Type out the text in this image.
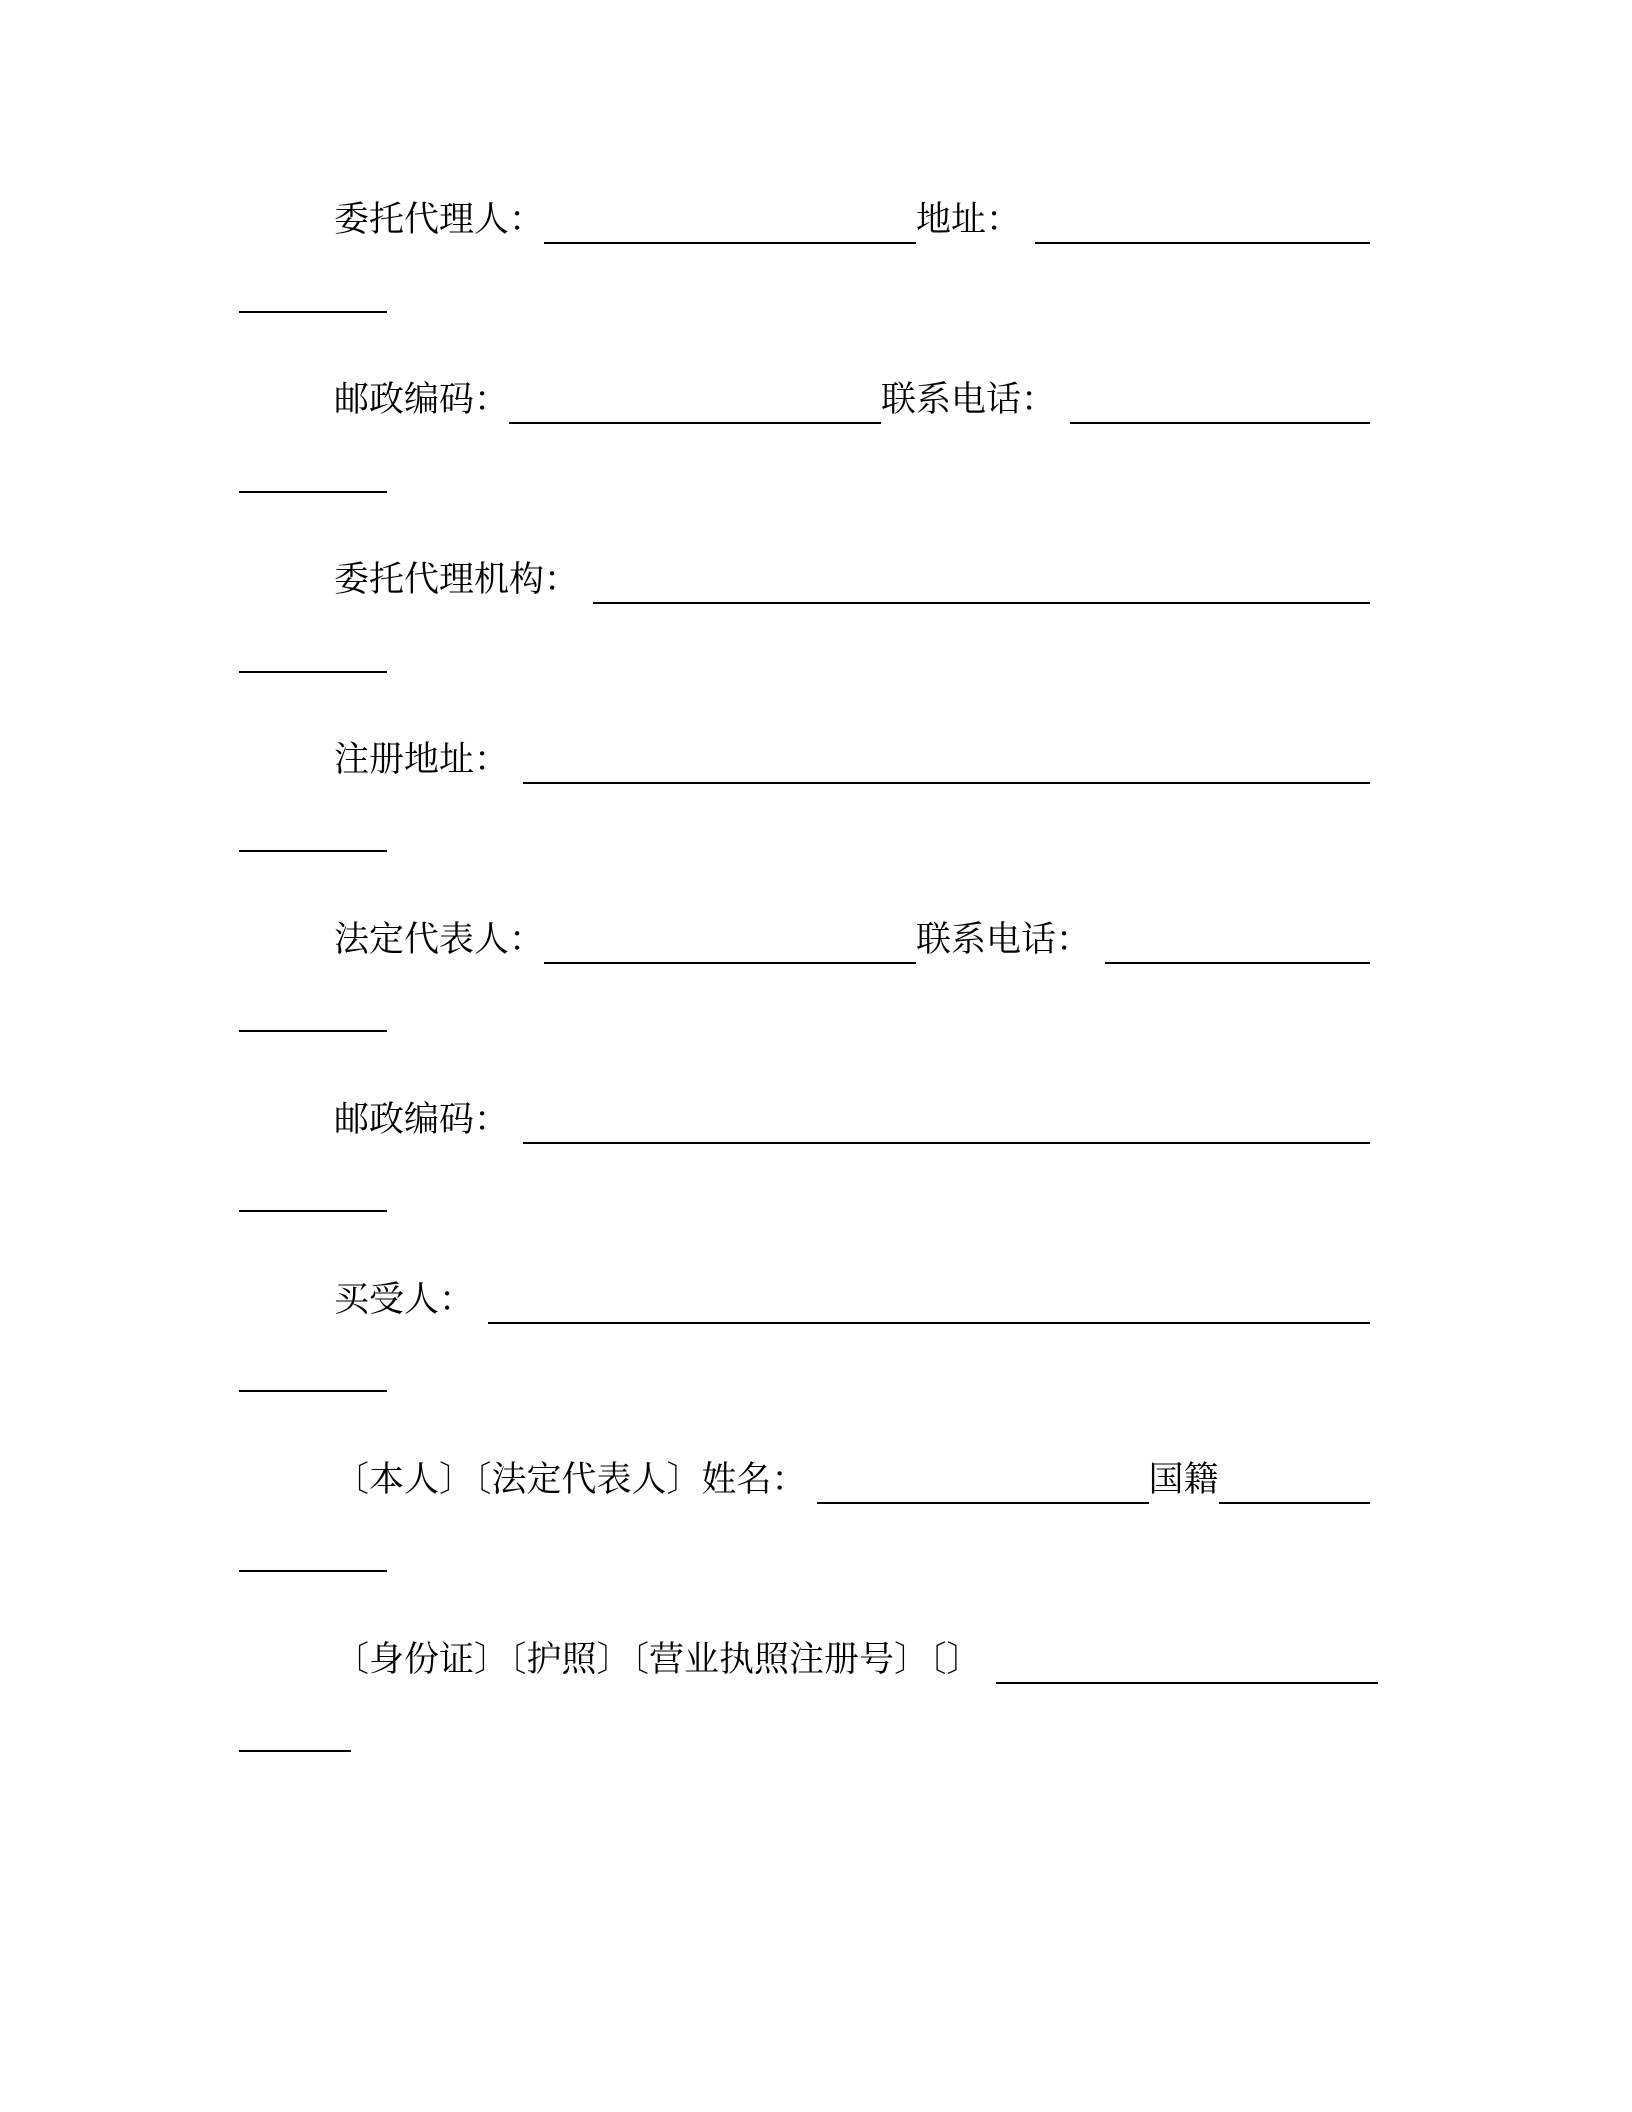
委托代理人：	地址：
邮政编码：	联系电话：
委托代理机构：
注册地址：
法定代表人：	联系电话：
邮政编码：
买受人：
〔本人〕〔法定代表人〕姓名：	国籍
〔身份证〕〔护照〕〔营业执照注册号〕〔〕
